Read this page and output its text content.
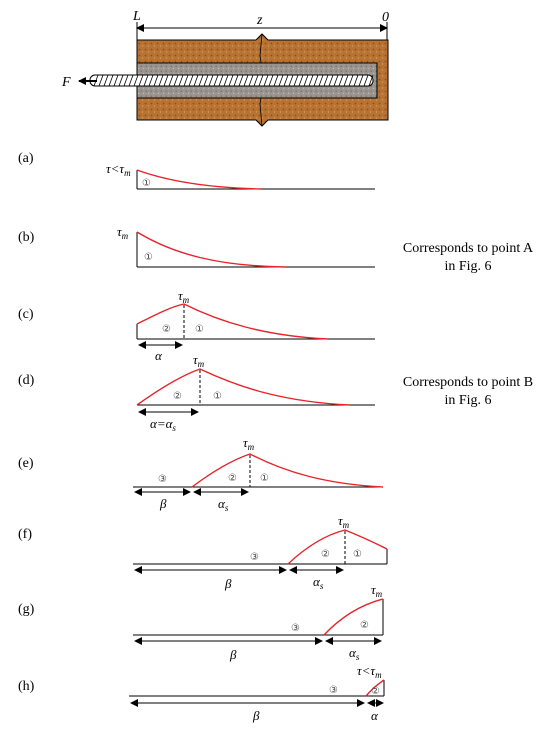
L	z	0
F
Corresponds to point A
in Fig. 6
Corresponds to point B
in Fig. 6
(a)
$\tau<\tau_m$
①
(b)	$\tau_m$
①
(c)
$\tau_m$
② ①
α
(d)
$\tau_m$
②	①
$\alpha=\alpha_s$
(e)
$\tau_m$
③	② ①
β	$\alpha_s$
(f)
$\tau_m$
③	② ①
β	$\alpha_s$
(g)
$\tau_m$
③	②
β	$\alpha_s$
(h)
$\tau<\tau_m$
③	②
β	α
